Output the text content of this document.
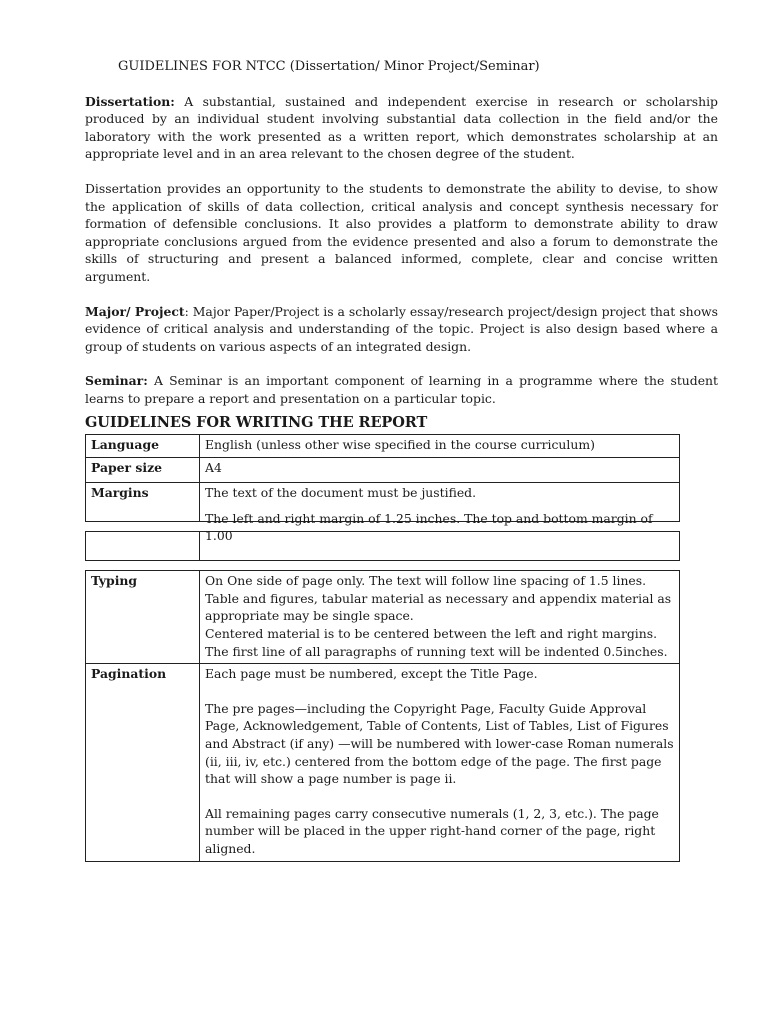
GUIDELINES FOR NTCC (Dissertation/ Minor Project/Seminar)

Dissertation: A substantial, sustained and independent exercise in research or scholarship produced by an individual student involving substantial data collection in the field and/or the laboratory with the work presented as a written report, which demonstrates scholarship at an appropriate level and in an area relevant to the chosen degree of the student.

Dissertation provides an opportunity to the students to demonstrate the ability to devise, to show the application of skills of data collection, critical analysis and concept synthesis necessary for formation of defensible conclusions. It also provides a platform to demonstrate ability to draw appropriate conclusions argued from the evidence presented and also a forum to demonstrate the skills of structuring and present a balanced informed, complete, clear and concise written argument.

Major/ Project: Major Paper/Project is a scholarly essay/research project/design project that shows evidence of critical analysis and understanding of the topic. Project is also design based where a group of students on various aspects of an integrated design.

Seminar: A Seminar is an important component of learning in a programme where the student learns to prepare a report and presentation on a particular topic.

GUIDELINES FOR WRITING THE REPORT
Language	English (unless other wise specified in the course curriculum)
Paper size	A4
Margins	The text of the document must be justified.
The left and right margin of 1.25 inches. The top and bottom margin of 1.00

Typing	On One side of page only. The text will follow line spacing of 1.5 lines.
Table and figures, tabular material as necessary and appendix material as
appropriate may be single space.
Centered material is to be centered between the left and right margins.
The first line of all paragraphs of running text will be indented 0.5inches.

Pagination	Each page must be numbered, except the Title Page.
The pre pages—including the Copyright Page, Faculty Guide Approval Page, Acknowledgement, Table of Contents, List of Tables, List of Figures and Abstract (if any) —will be numbered with lower-case Roman numerals (ii, iii, iv, etc.) centered from the bottom edge of the page. The first page that will show a page number is page ii.
All remaining pages carry consecutive numerals (1, 2, 3, etc.). The page number will be placed in the upper right-hand corner of the page, right aligned.
